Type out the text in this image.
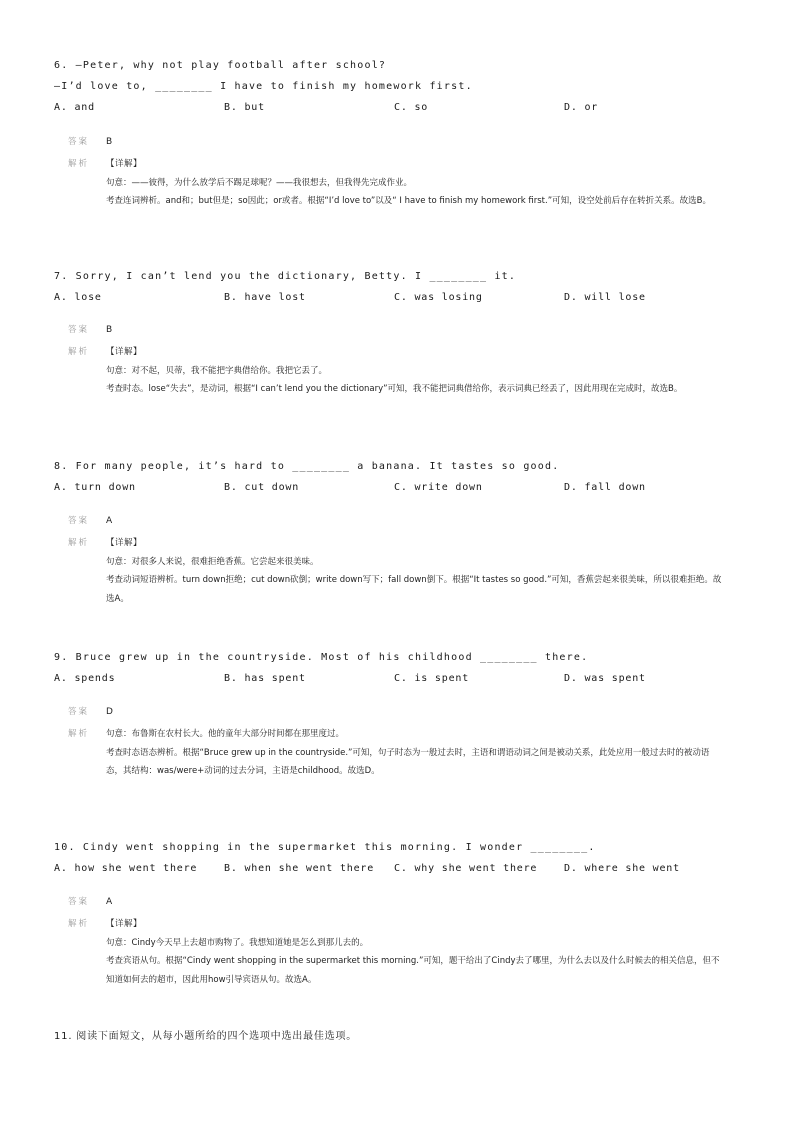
6. —Peter, why not play football after school?
—I’d love to, ________ I have to finish my homework first.

A. and

	B. but

	C. so

	D. or

答案 B
解析 【详解】
句意：——彼得，为什么放学后不踢足球呢？——我很想去，但我得先完成作业。
考查连词辨析。and和；but但是；so因此；or或者。根据“I’d love to”以及“ I have to finish my homework first.”可知，设空处前后存在转折关系。故选B。
7. Sorry, I can’t lend you the dictionary, Betty. I ________ it.

A. lose

	B. have lost

	C. was losing

	D. will lose

答案 B
解析 【详解】
句意：对不起，贝蒂，我不能把字典借给你。我把它丢了。
考查时态。lose“失去”，是动词，根据“I can’t lend you the dictionary”可知，我不能把词典借给你，表示词典已经丢了，因此用现在完成时，故选B。
8. For many people, it’s hard to ________ a banana. It tastes so good.

A. turn down

	B. cut down

	C. write down

	D. fall down

答案 A
解析 【详解】
句意：对很多人来说，很难拒绝香蕉。它尝起来很美味。
考查动词短语辨析。turn down拒绝；cut down砍倒；write down写下；fall down倒下。根据“It tastes so good.”可知，香蕉尝起来很美味，所以很难拒绝。故选A。
9. Bruce grew up in the countryside. Most of his childhood ________ there.

A. spends

	B. has spent

	C. is spent

	D. was spent

答案 D
解析 句意：布鲁斯在农村长大。他的童年大部分时间都在那里度过。
考查时态语态辨析。根据“Bruce grew up in the countryside.”可知，句子时态为一般过去时，主语和谓语动词之间是被动关系，此处应用一般过去时的被动语态，其结构：was/were+动词的过去分词，主语是childhood。故选D。
10. Cindy went shopping in the supermarket this morning. I wonder ________.

A. how she went there

	B. when she went there

C. why she went there

	D. where she went

答案 A
解析 【详解】
句意：Cindy今天早上去超市购物了。我想知道她是怎么到那儿去的。
考查宾语从句。根据“Cindy went shopping in the supermarket this morning.”可知，题干给出了Cindy去了哪里，为什么去以及什么时候去的相关信息，但不知道如何去的超市，因此用how引导宾语从句。故选A。
11. 阅读下面短文，从每小题所给的四个选项中选出最佳选项。
